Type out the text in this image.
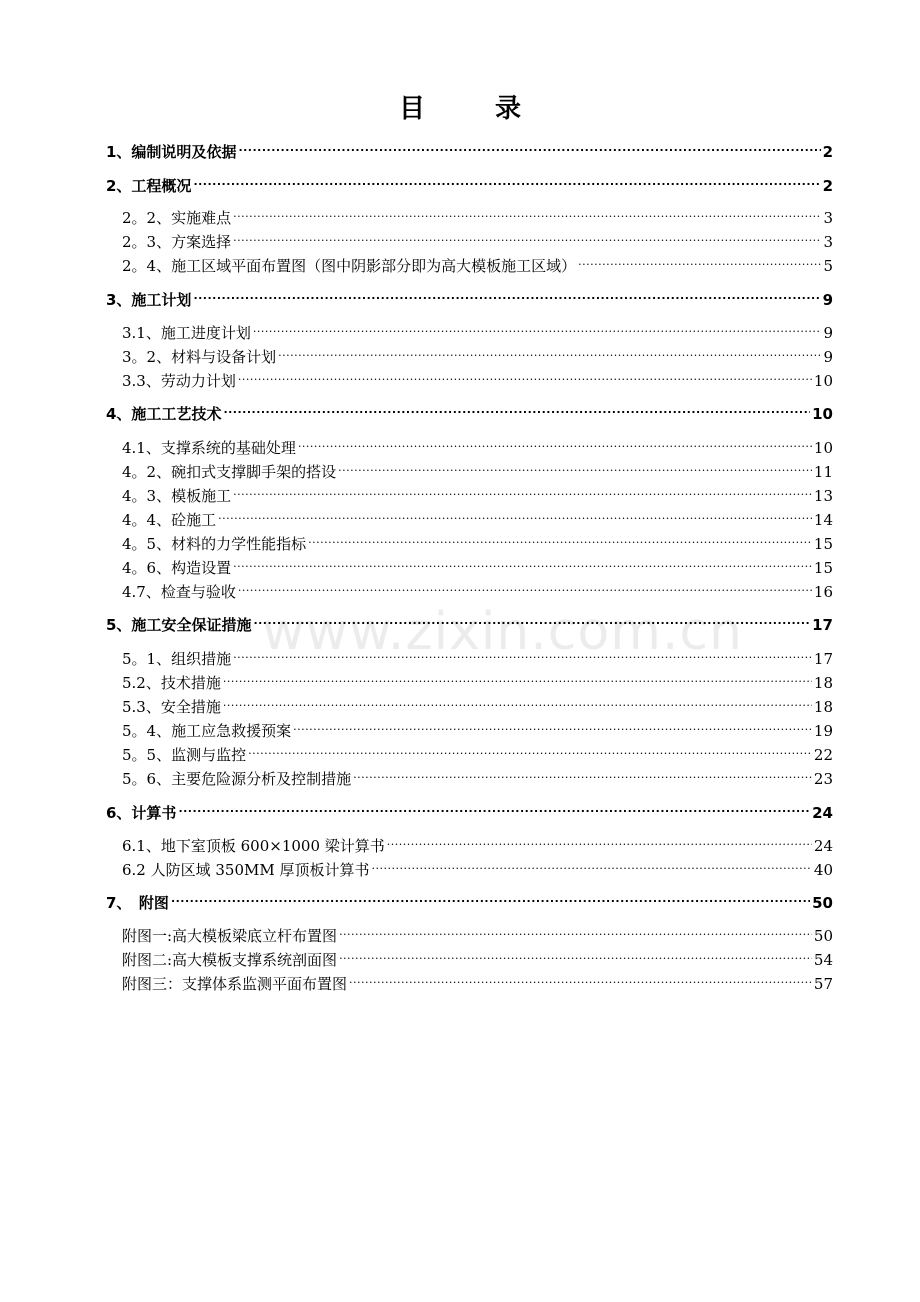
目	录
www.zixin.com.cn
1、编制说明及依据 .....	2
2、工程概况 .....	2
2。2、实施难点 .....	3
2。3、方案选择 .....	3
2。4、施工区域平面布置图（图中阴影部分即为高大模板施工区域） .....	5
3、施工计划 .....	9
3.1、施工进度计划 .....	9
3。2、材料与设备计划 .....	9
3.3、劳动力计划 .....	10
4、施工工艺技术 .....	10
4.1、支撑系统的基础处理 .....	10
4。2、碗扣式支撑脚手架的搭设 .....	11
4。3、模板施工 .....	13
4。4、砼施工 .....	14
4。5、材料的力学性能指标 .....	15
4。6、构造设置 .....	15
4.7、检查与验收 .....	16
5、施工安全保证措施 .....	17
5。1、组织措施 .....	17
5.2、技术措施 .....	18
5.3、安全措施 .....	18
5。4、施工应急救援预案 .....	19
5。5、监测与监控 .....	22
5。6、主要危险源分析及控制措施 .....	23
6、计算书 .....	24
6.1、地下室顶板 600×1000 梁计算书 .....	24
6.2 人防区域 350MM 厚顶板计算书 .....	40
7、　附图 .....	50
附图一:高大模板梁底立杆布置图 .....	50
附图二:高大模板支撑系统剖面图 .....	54
附图三：支撑体系监测平面布置图 .....	57
